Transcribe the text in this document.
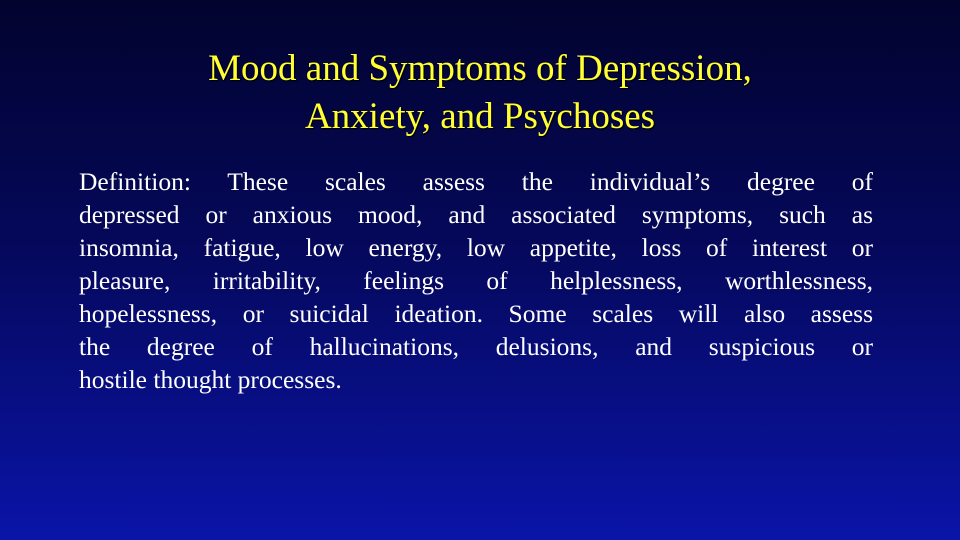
Mood and Symptoms of Depression,
Anxiety, and Psychoses
Definition: These scales assess the individual’s degree of
depressed or anxious mood, and associated symptoms, such as
insomnia, fatigue, low energy, low appetite, loss of interest or
pleasure, irritability, feelings of helplessness, worthlessness,
hopelessness, or suicidal ideation. Some scales will also assess
the degree of hallucinations, delusions, and suspicious or
hostile thought processes.
